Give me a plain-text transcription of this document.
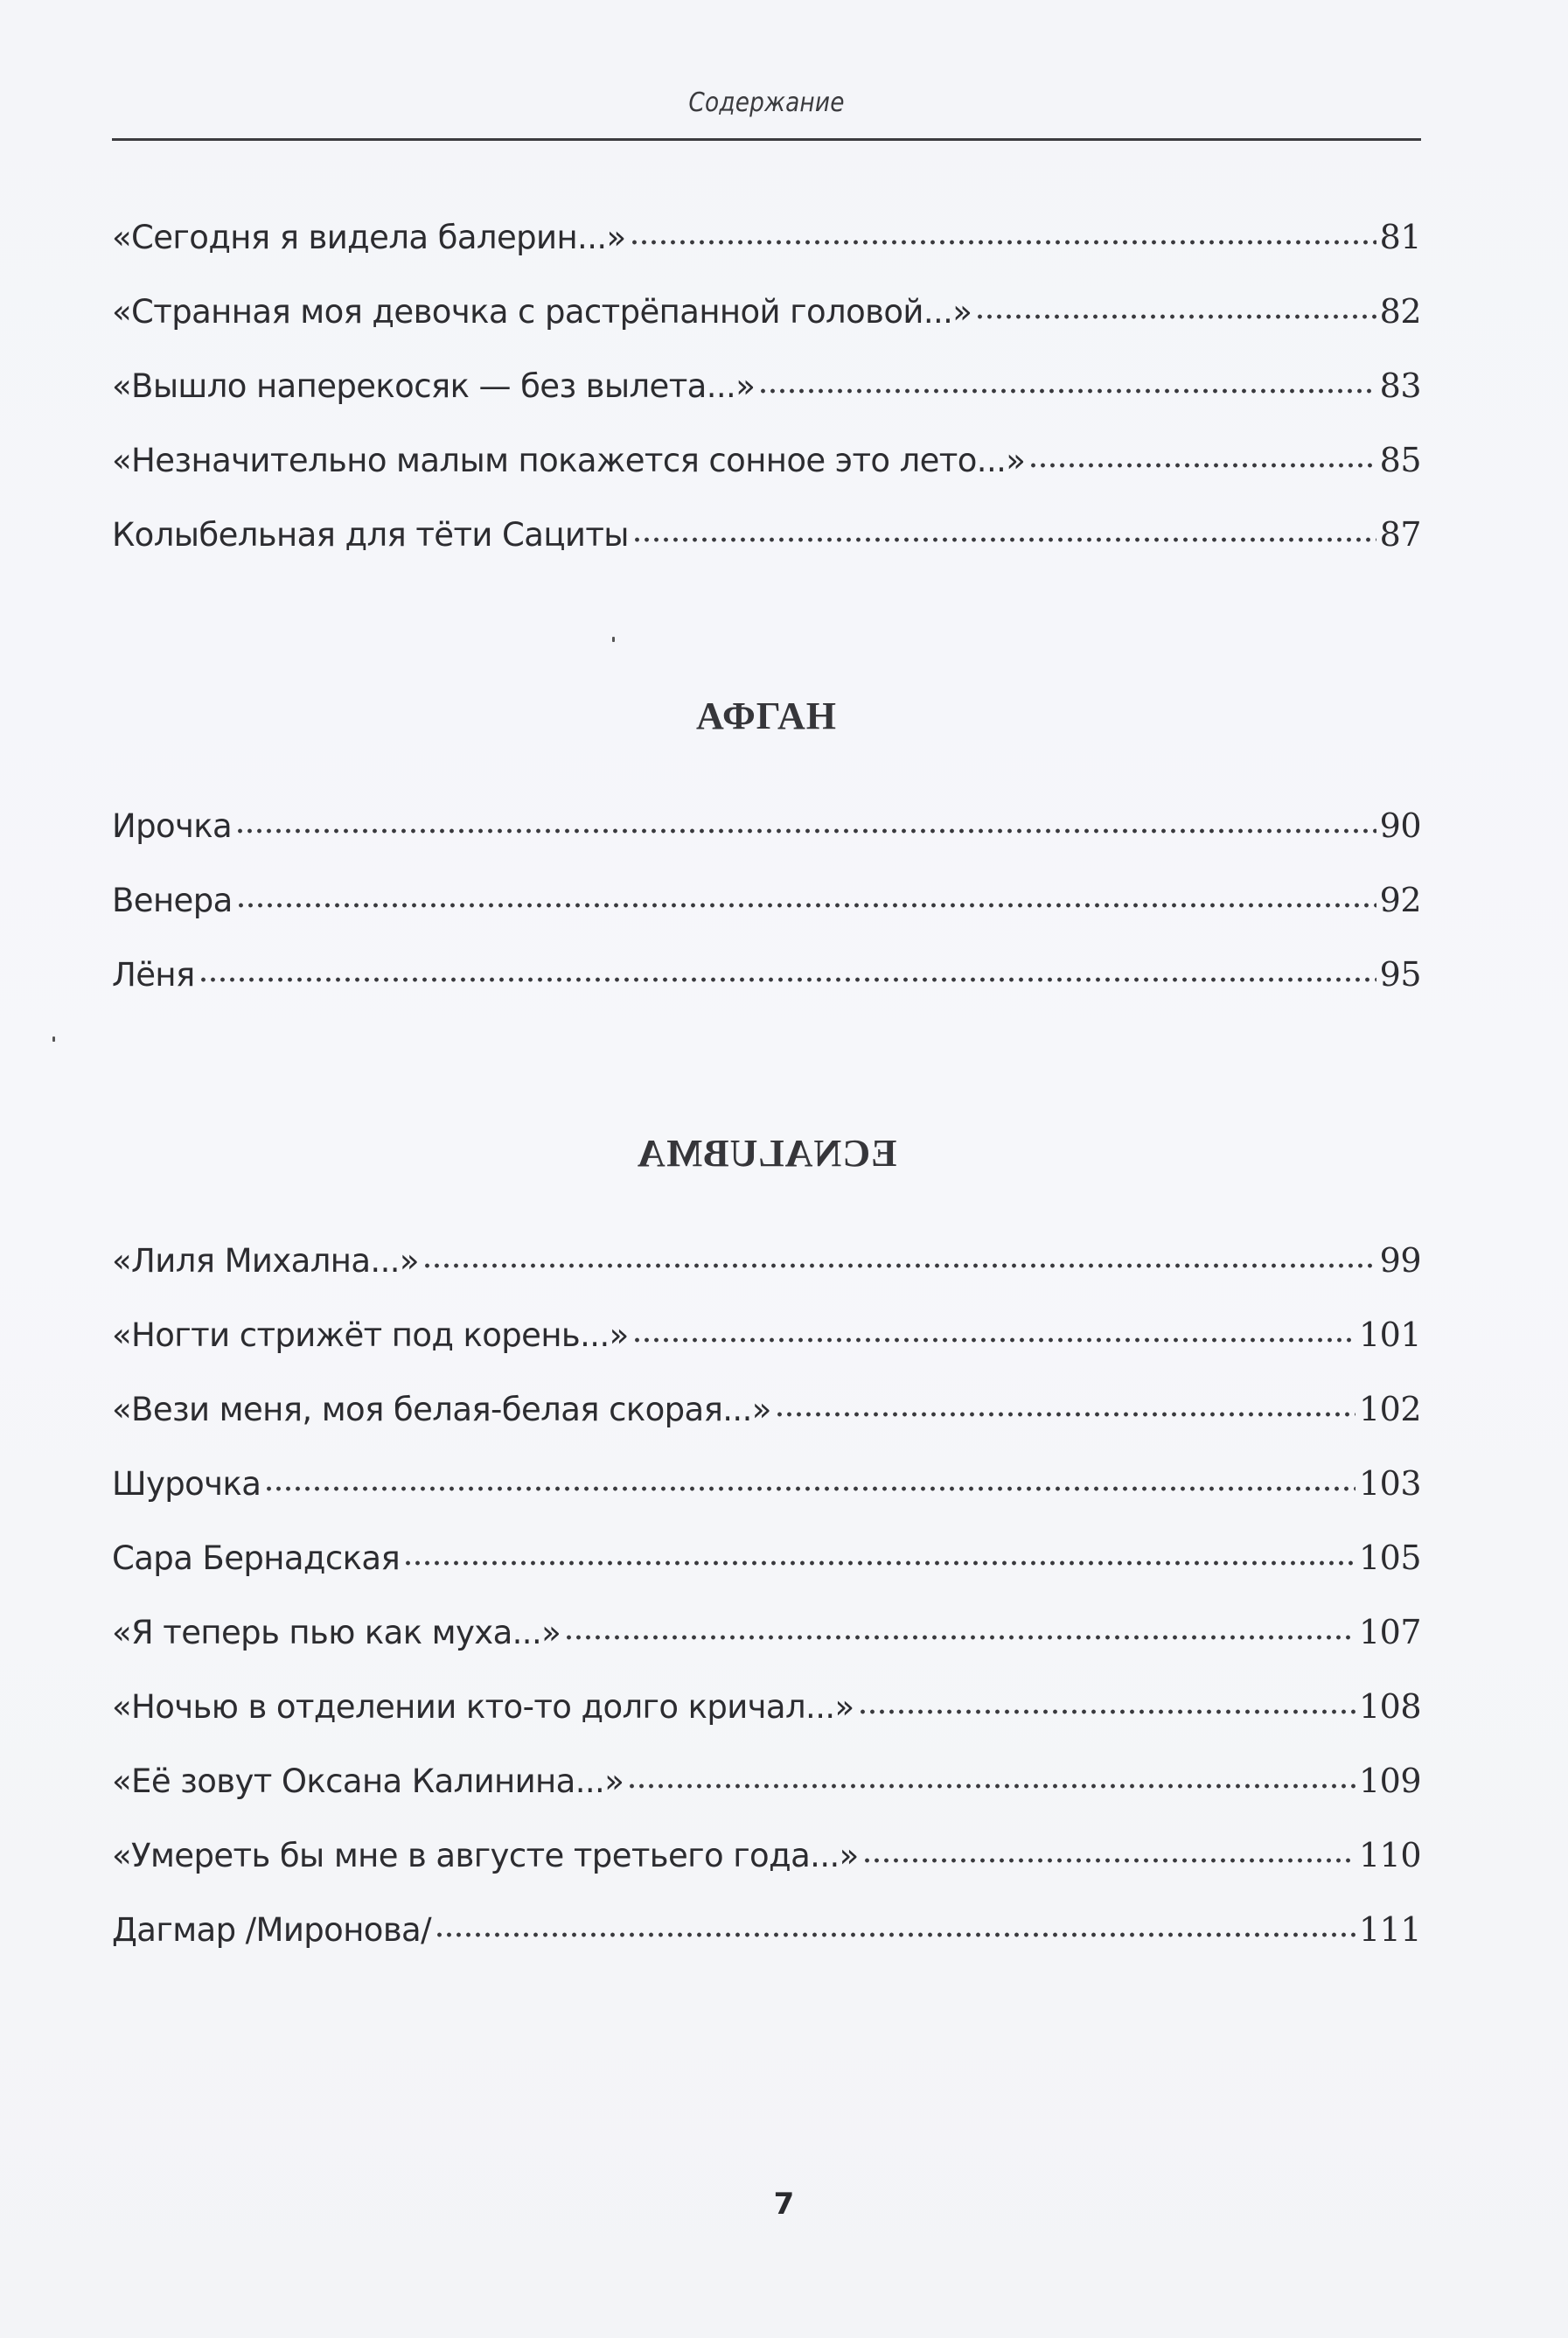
Содержание
«Сегодня я видела балерин...»	81
«Странная моя девочка с растрёпанной головой...»	82
«Вышло наперекосяк — без вылета...»	83
«Незначительно малым покажется сонное это лето...»	85
Колыбельная для тёти Сациты	87
АФГАН
Ирочка	90
Венера	92
Лёня	95
ECNALUBMA
«Лиля Михална...»	99
«Ногти стрижёт под корень...»	101
«Вези меня, моя белая-белая скорая...»	102
Шурочка	103
Сара Бернадская	105
«Я теперь пью как муха...»	107
«Ночью в отделении кто-то долго кричал...»	108
«Её зовут Оксана Калинина...»	109
«Умереть бы мне в августе третьего года...»	110
Дагмар /Миронова/	111
7
